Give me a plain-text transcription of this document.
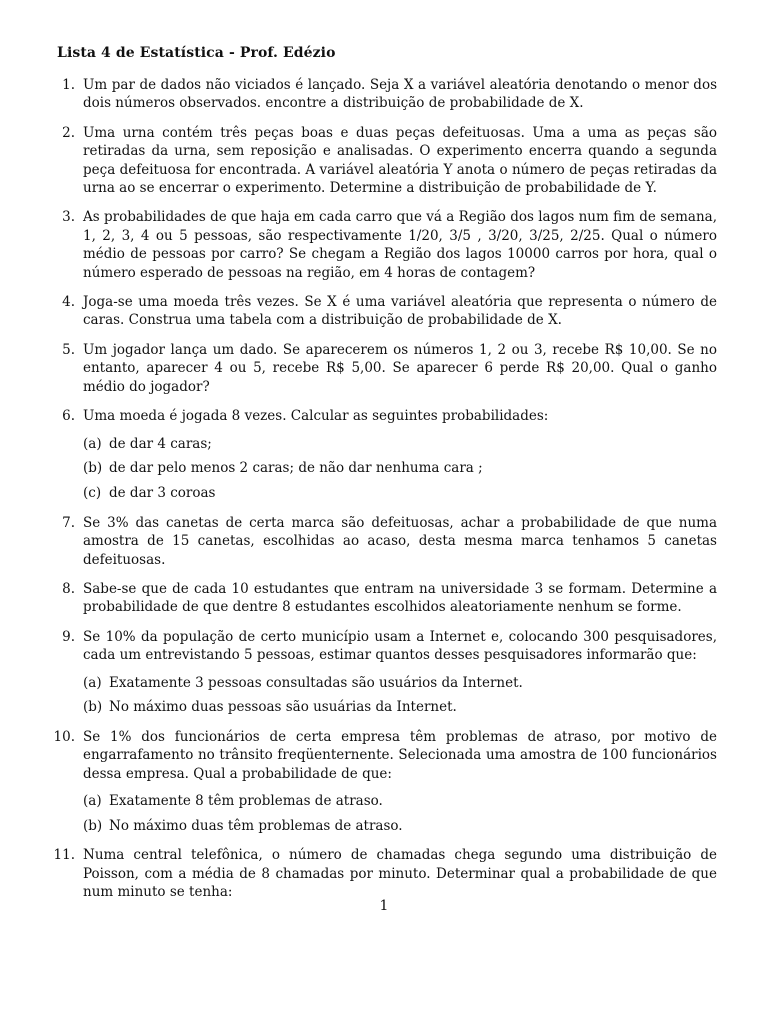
Lista 4 de Estatística - Prof. Edézio
1. Um par de dados não viciados é lançado. Seja X a variável aleatória denotando o menor dos dois números observados. encontre a distribuição de probabilidade de X.
2. Uma urna contém três peças boas e duas peças defeituosas. Uma a uma as peças são retiradas da urna, sem reposição e analisadas. O experimento encerra quando a segunda peça defeituosa for encontrada. A variável aleatória Y anota o número de peças retiradas da urna ao se encerrar o experimento. Determine a distribuição de probabilidade de Y.
3. As probabilidades de que haja em cada carro que vá a Região dos lagos num fim de semana, 1, 2, 3, 4 ou 5 pessoas, são respectivamente 1/20, 3/5 , 3/20, 3/25, 2/25. Qual o número médio de pessoas por carro? Se chegam a Região dos lagos 10000 carros por hora, qual o número esperado de pessoas na região, em 4 horas de contagem?
4. Joga-se uma moeda três vezes. Se X é uma variável aleatória que representa o número de caras. Construa uma tabela com a distribuição de probabilidade de X.
5. Um jogador lança um dado. Se aparecerem os números 1, 2 ou 3, recebe R$ 10,00. Se no entanto, aparecer 4 ou 5, recebe R$ 5,00. Se aparecer 6 perde R$ 20,00. Qual o ganho médio do jogador?
6. Uma moeda é jogada 8 vezes. Calcular as seguintes probabilidades:
(a) de dar 4 caras;
(b) de dar pelo menos 2 caras; de não dar nenhuma cara ;
(c) de dar 3 coroas
7. Se 3% das canetas de certa marca são defeituosas, achar a probabilidade de que numa amostra de 15 canetas, escolhidas ao acaso, desta mesma marca tenhamos 5 canetas defeituosas.
8. Sabe-se que de cada 10 estudantes que entram na universidade 3 se formam. Determine a probabilidade de que dentre 8 estudantes escolhidos aleatoriamente nenhum se forme.
9. Se 10% da população de certo município usam a Internet e, colocando 300 pesquisadores, cada um entrevistando 5 pessoas, estimar quantos desses pesquisadores informarão que:
(a) Exatamente 3 pessoas consultadas são usuários da Internet.
(b) No máximo duas pessoas são usuárias da Internet.
10. Se 1% dos funcionários de certa empresa têm problemas de atraso, por motivo de engarrafamento no trânsito freqüenternente. Selecionada uma amostra de 100 funcionários dessa empresa. Qual a probabilidade de que:
(a) Exatamente 8 têm problemas de atraso.
(b) No máximo duas têm problemas de atraso.
11. Numa central telefônica, o número de chamadas chega segundo uma distribuição de Poisson, com a média de 8 chamadas por minuto. Determinar qual a probabilidade de que num minuto se tenha:
1
